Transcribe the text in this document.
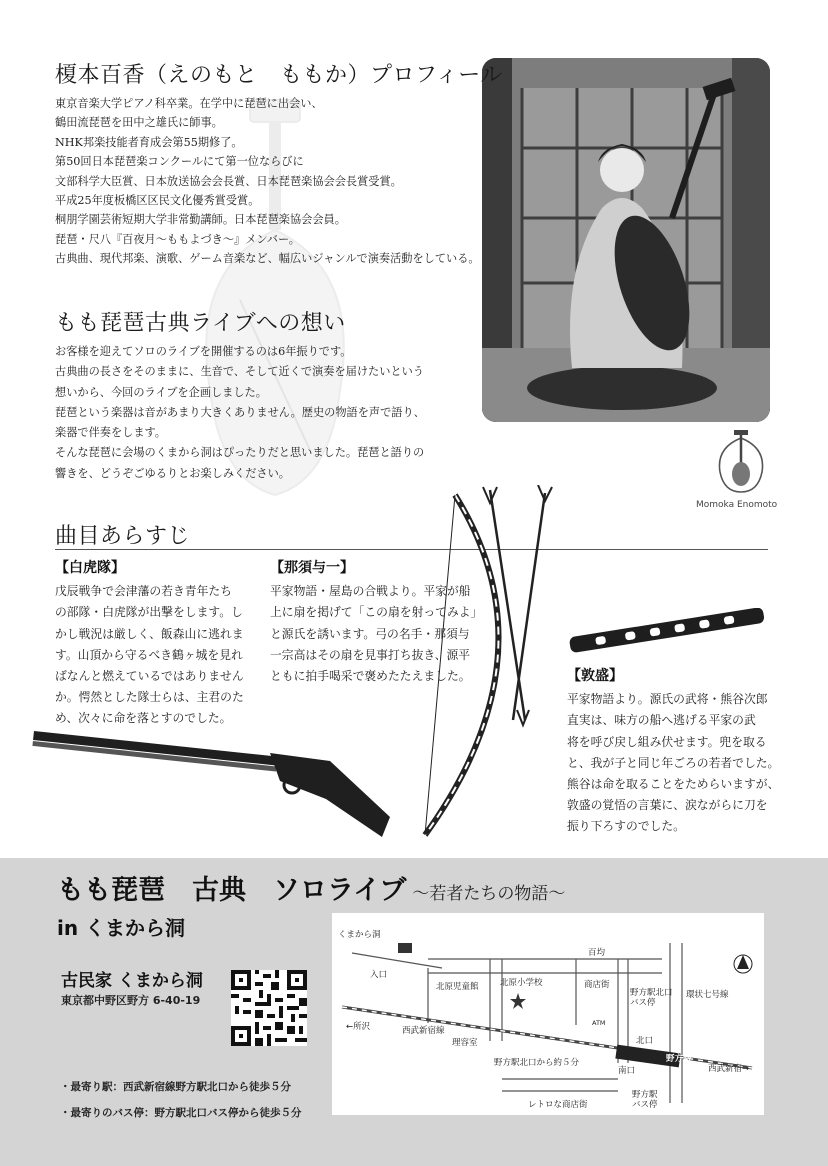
榎本百香（えのもと　ももか）プロフィール
東京音楽大学ピアノ科卒業。在学中に琵琶に出会い、
鶴田流琵琶を田中之雄氏に師事。
NHK邦楽技能者育成会第55期修了。
第50回日本琵琶楽コンクールにて第一位ならびに
文部科学大臣賞、日本放送協会会長賞、日本琵琶楽協会会長賞受賞。
平成25年度板橋区区民文化優秀賞受賞。
桐朋学園芸術短期大学非常勤講師。日本琵琶楽協会会員。
琵琶・尺八『百夜月〜ももよづき〜』メンバー。
古典曲、現代邦楽、演歌、ゲーム音楽など、幅広いジャンルで演奏活動をしている。
もも琵琶古典ライブへの想い
お客様を迎えてソロのライブを開催するのは6年振りです。
古典曲の長さをそのままに、生音で、そして近くで演奏を届けたいという
想いから、今回のライブを企画しました。
琵琶という楽器は音があまり大きくありません。歴史の物語を声で語り、
楽器で伴奏をします。
そんな琵琶に会場のくまから洞はぴったりだと思いました。琵琶と語りの
響きを、どうぞごゆるりとお楽しみください。
Momoka Enomoto
曲目あらすじ
【白虎隊】
戊辰戦争で会津藩の若き青年たち
の部隊・白虎隊が出撃をします。し
かし戦況は厳しく、飯森山に逃れま
す。山頂から守るべき鶴ヶ城を見れ
ばなんと燃えているではありません
か。愕然とした隊士らは、主君のた
め、次々に命を落とすのでした。
【那須与一】
平家物語・屋島の合戦より。平家が船
上に扇を掲げて「この扇を射ってみよ」
と源氏を誘います。弓の名手・那須与
一宗高はその扇を見事打ち抜き、源平
ともに拍手喝采で褒めたたえました。	【敦盛】
平家物語より。源氏の武将・熊谷次郎
直実は、味方の船へ逃げる平家の武
将を呼び戻し組み伏せます。兜を取る
と、我が子と同じ年ごろの若者でした。
熊谷は命を取ることをためらいますが、
敦盛の覚悟の言葉に、涙ながらに刀を
振り下ろすのでした。
もも琵琶　古典　ソロライブ 〜若者たちの物語〜
in くまから洞
古民家 くまから洞
東京都中野区野方 6-40-19
・最寄り駅：西武新宿線野方駅北口から徒歩５分
・最寄りのバス停：野方駅北口バス停から徒歩５分
くまから洞
入口
百均
北原児童館	北原小学校	商店街
野方駅北口
バス停
環状七号線
←所沢	西武新宿線
理容室
ATM
北口
野方駅北口から約５分	野方駅
西武新宿→
南口
レトロな商店街
野方駅
バス停
